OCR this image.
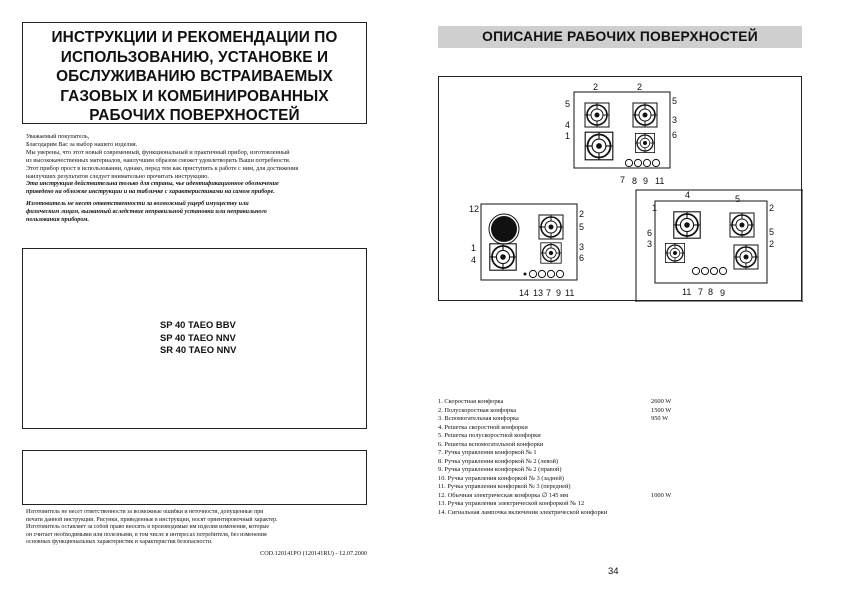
ИНСТРУКЦИИ И РЕКОМЕНДАЦИИ ПО
ИСПОЛЬЗОВАНИЮ, УСТАНОВКЕ И
ОБСЛУЖИВАНИЮ ВСТРАИВАЕМЫХ
ГАЗОВЫХ И КОМБИНИРОВАННЫХ
РАБОЧИХ ПОВЕРХНОСТЕЙ
Уважаемый покупатель,
Благодарим Вас за выбор нашего изделия.
Мы уверены, что этот новый современный, функциональный и практичный прибор, изготовленный
из высококачественных материалов, наилучшим образом сможет удовлетворить Ваши потребности.
Этот прибор прост в использовании, однако, перед тем как приступить к работе с ним, для достижения
наилучших результатов следует внимательно прочитать инструкцию.
Эта инструкция действительна только для страны, чье идентификационное обозначение
приведено на обложке инструкции и на табличке с характеристиками на самом приборе.
Изготовитель не несет ответственности за возможный ущерб имуществу или
физическим лицам, вызванный вследствие неправильной установки или неправильного
пользования прибором.
SP 40 TAEO BBV
SP 40 TAEO NNV
SR 40 TAEO NNV
Изготовитель не несет ответственности за возможные ошибки и неточности, допущенные при
печати данной инструкции. Рисунки, приведенные в инструкции, носят ориентировочный характер.
Изготовитель оставляет за собой право вносить в производимые им изделия изменения, которые
он считает необходимыми или полезными, в том числе в интересах потребителя, без изменения
основных функциональных характеристик и характеристик безопасности.
COD.120141PO (120141RU) - 12.07.2000
ОПИСАНИЕ РАБОЧИХ ПОВЕРХНОСТЕЙ
2	2
5	5
4	3
1	6
7 8 9 11
12	2
5
3
1
6
4
14 13 7 9 11
4	5
1	2
6	5
3	2
11 7 8 9
1. Скоростная конфорка	2600 W
2. Полускоростная конфорка	1500 W
3. Вспомогательная конфорка	950 W
4. Решетка скоростной конфорки
5. Решетка полускоростной конфорки
6. Решетка вспомогательной конфорки
7. Ручка управления конфоркой № 1
8. Ручка управления конфоркой № 2 (левой)
9. Ручка управления конфоркой № 2 (правой)
10. Ручка управления конфоркой № 3 (задней)
11. Ручка управления конфоркой № 3 (передней)
12. Обычная электрическая конфорка ∅ 145 мм	1000 W
13. Ручка управления электрической конфоркой № 12
14. Сигнальная лампочка включения электрической конфорки
34
